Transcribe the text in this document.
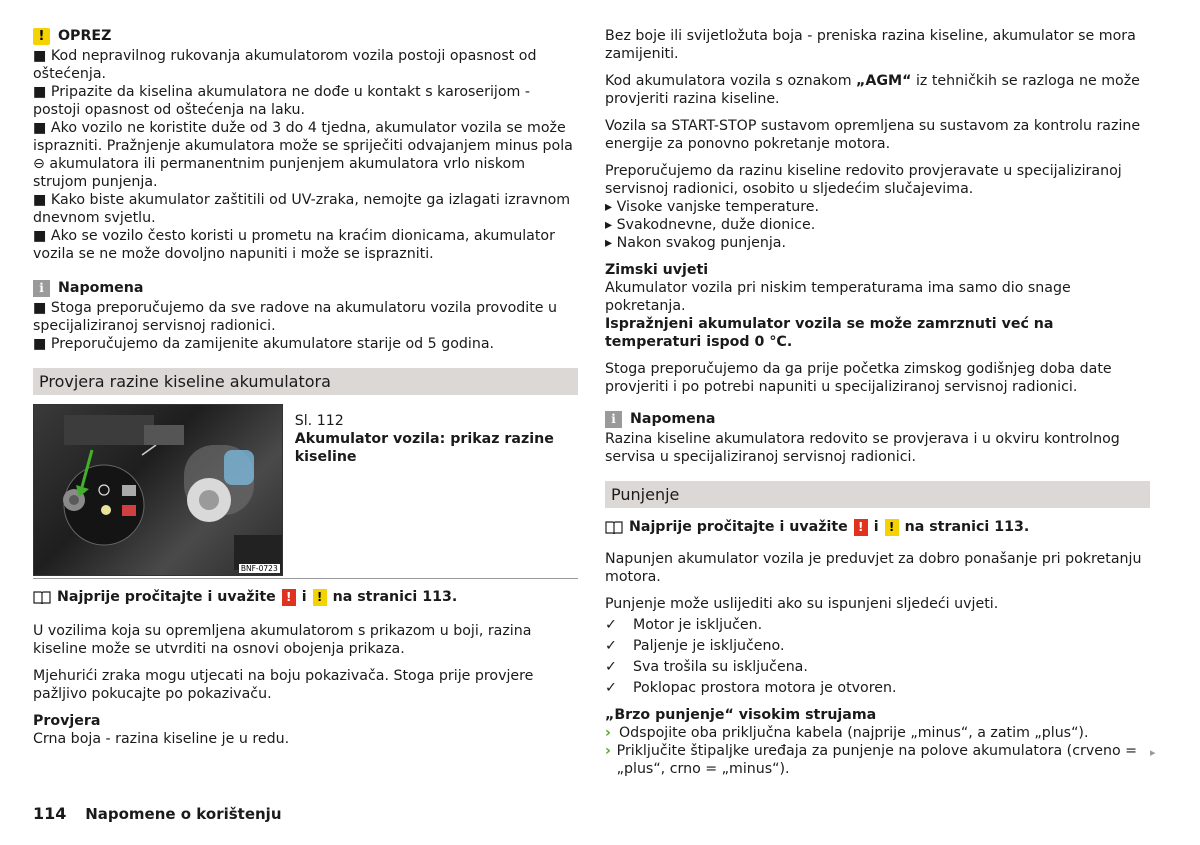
! OPREZ
■ Kod nepravilnog rukovanja akumulatorom vozila postoji opasnost od oštećenja.
■ Pripazite da kiselina akumulatora ne dođe u kontakt s karoserijom - postoji opasnost od oštećenja na laku.
■ Ako vozilo ne koristite duže od 3 do 4 tjedna, akumulator vozila se može isprazniti. Pražnjenje akumulatora može se spriječiti odvajanjem minus pola ⊖ akumulatora ili permanentnim punjenjem akumulatora vrlo niskom strujom punjenja.
■ Kako biste akumulator zaštitili od UV-zraka, nemojte ga izlagati izravnom dnevnom svjetlu.
■ Ako se vozilo često koristi u prometu na kraćim dionicama, akumulator vozila se ne može dovoljno napuniti i može se isprazniti.
i	Napomena
■ Stoga preporučujemo da sve radove na akumulatoru vozila provodite u specijaliziranoj servisnoj radionici.
■ Preporučujemo da zamijenite akumulatore starije od 5 godina.
Provjera razine kiseline akumulatora
BNF-0723
Sl. 112
Akumulator vozila: prikaz razine kiseline
Najprije pročitajte i uvažite ! i ! na stranici 113.

U vozilima koja su opremljena akumulatorom s prikazom u boji, razina kiseline može se utvrditi na osnovi obojenja prikaza.

Mjehurići zraka mogu utjecati na boju pokazivača. Stoga prije provjere pažljivo pokucajte po pokazivaču.

Provjera

Crna boja - razina kiseline je u redu.

Bez boje ili svijetložuta boja - preniska razina kiseline, akumulator se mora zamijeniti.

Kod akumulatora vozila s oznakom „AGM“ iz tehničkih se razloga ne može provjeriti razina kiseline.

Vozila sa START-STOP sustavom opremljena su sustavom za kontrolu razine energije za ponovno pokretanje motora.

Preporučujemo da razinu kiseline redovito provjeravate u specijaliziranoj servisnoj radionici, osobito u sljedećim slučajevima.

▸ Visoke vanjske temperature.
▸ Svakodnevne, duže dionice.
▸ Nakon svakog punjenja.

Zimski uvjeti

Akumulator vozila pri niskim temperaturama ima samo dio snage pokretanja.

Ispražnjeni akumulator vozila se može zamrznuti već na temperaturi ispod 0 °C.

Stoga preporučujemo da ga prije početka zimskog godišnjeg doba date provjeriti i po potrebi napuniti u specijaliziranoj servisnoj radionici.

i	Napomena

Razina kiseline akumulatora redovito se provjerava i u okviru kontrolnog servisa u specijaliziranoj servisnoj radionici.

Punjenje
Najprije pročitajte i uvažite ! i ! na stranici 113.

Napunjen akumulator vozila je preduvjet za dobro ponašanje pri pokretanju motora.

Punjenje može uslijediti ako su ispunjeni sljedeći uvjeti.

✓ Motor je isključen.
✓ Paljenje je isključeno.
✓ Sva trošila su isključena.
✓ Poklopac prostora motora je otvoren.

„Brzo punjenje“ visokim strujama

› Odspojite oba priključna kabela (najprije „minus“, a zatim „plus“).
› Priključite štipaljke uređaja za punjenje na polove akumulatora (crveno = „plus“, crno = „minus“).
▸
114 Napomene o korištenju
